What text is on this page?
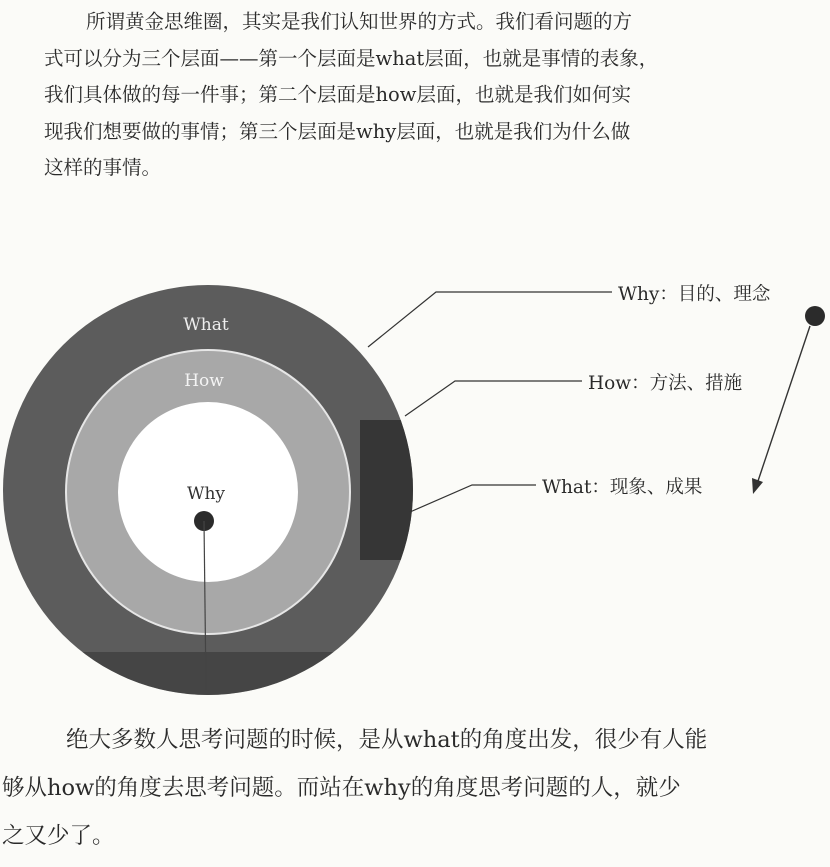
所谓黄金思维圈，其实是我们认知世界的方式。我们看问题的方
式可以分为三个层面——第一个层面是what层面，也就是事情的表象，
我们具体做的每一件事；第二个层面是how层面，也就是我们如何实
现我们想要做的事情；第三个层面是why层面，也就是我们为什么做
这样的事情。
What
How
Why
Why：目的、理念
How：方法、措施
What：现象、成果
绝大多数人思考问题的时候，是从what的角度出发，很少有人能
够从how的角度去思考问题。而站在why的角度思考问题的人，就少
之又少了。
